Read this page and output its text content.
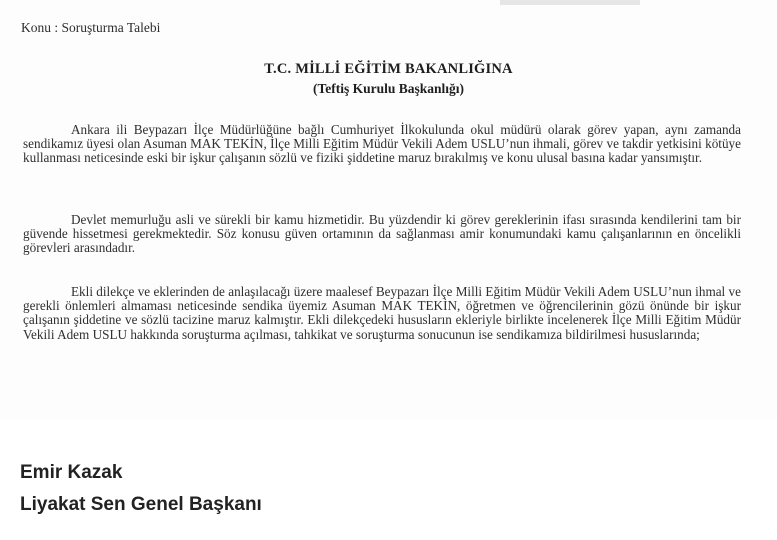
Konu : Soruşturma Talebi
T.C. MİLLİ EĞİTİM BAKANLIĞINA
(Teftiş Kurulu Başkanlığı)

Ankara ili Beypazarı İlçe Müdürlüğüne bağlı Cumhuriyet İlkokulunda okul müdürü olarak görev yapan, aynı zamanda sendikamız üyesi olan Asuman MAK TEKİN, İlçe Milli Eğitim Müdür Vekili Adem USLU’nun ihmali, görev ve takdir yetkisini kötüye kullanması neticesinde eski bir işkur çalışanın sözlü ve fiziki şiddetine maruz bırakılmış ve konu ulusal basına kadar yansımıştır.

Devlet memurluğu asli ve sürekli bir kamu hizmetidir. Bu yüzdendir ki görev gereklerinin ifası sırasında kendilerini tam bir güvende hissetmesi gerekmektedir. Söz konusu güven ortamının da sağlanması amir konumundaki kamu çalışanlarının en öncelikli görevleri arasındadır.

Ekli dilekçe ve eklerinden de anlaşılacağı üzere maalesef Beypazarı İlçe Milli Eğitim Müdür Vekili Adem USLU’nun ihmal ve gerekli önlemleri almaması neticesinde sendika üyemiz Asuman MAK TEKİN, öğretmen ve öğrencilerinin gözü önünde bir işkur çalışanın şiddetine ve sözlü tacizine maruz kalmıştır. Ekli dilekçedeki hususların ekleriyle birlikte incelenerek İlçe Milli Eğitim Müdür Vekili Adem USLU hakkında soruşturma açılması, tahkikat ve soruşturma sonucunun ise sendikamıza bildirilmesi hususlarında;

Emir Kazak
Liyakat Sen Genel Başkanı
